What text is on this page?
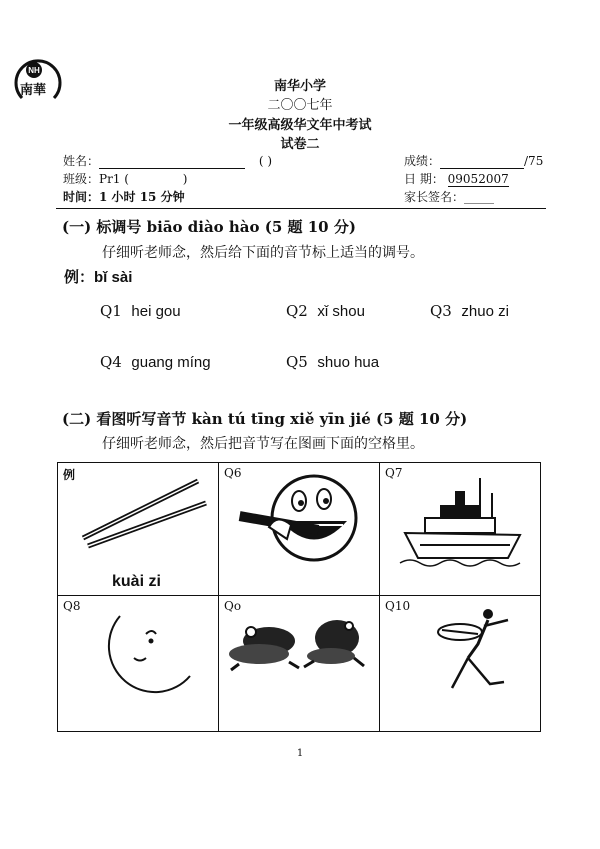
NH
南華	南华小学
二〇〇七年
一年级高级华文年中考试
试卷二
姓名：	( )	成绩：	/75
班级：Pr1 (	)	日 期： 09052007
时间：1 小时 15 分钟	家长签名：_____
(一) 标调号 biāo diào hào (5 题 10 分)
仔细听老师念，然后给下面的音节标上适当的调号。
例：bǐ sài
Q1 hei gou	Q2 xǐ shou	Q3 zhuo zi
Q4 guang míng	Q5 shuo hua
(二) 看图听写音节 kàn tú tīng xiě yīn jié (5 题 10 分)
仔细听老师念，然后把音节写在图画下面的空格里。
例
kuài zi	Q6	Q7

Q8	Qo	Q10
1
